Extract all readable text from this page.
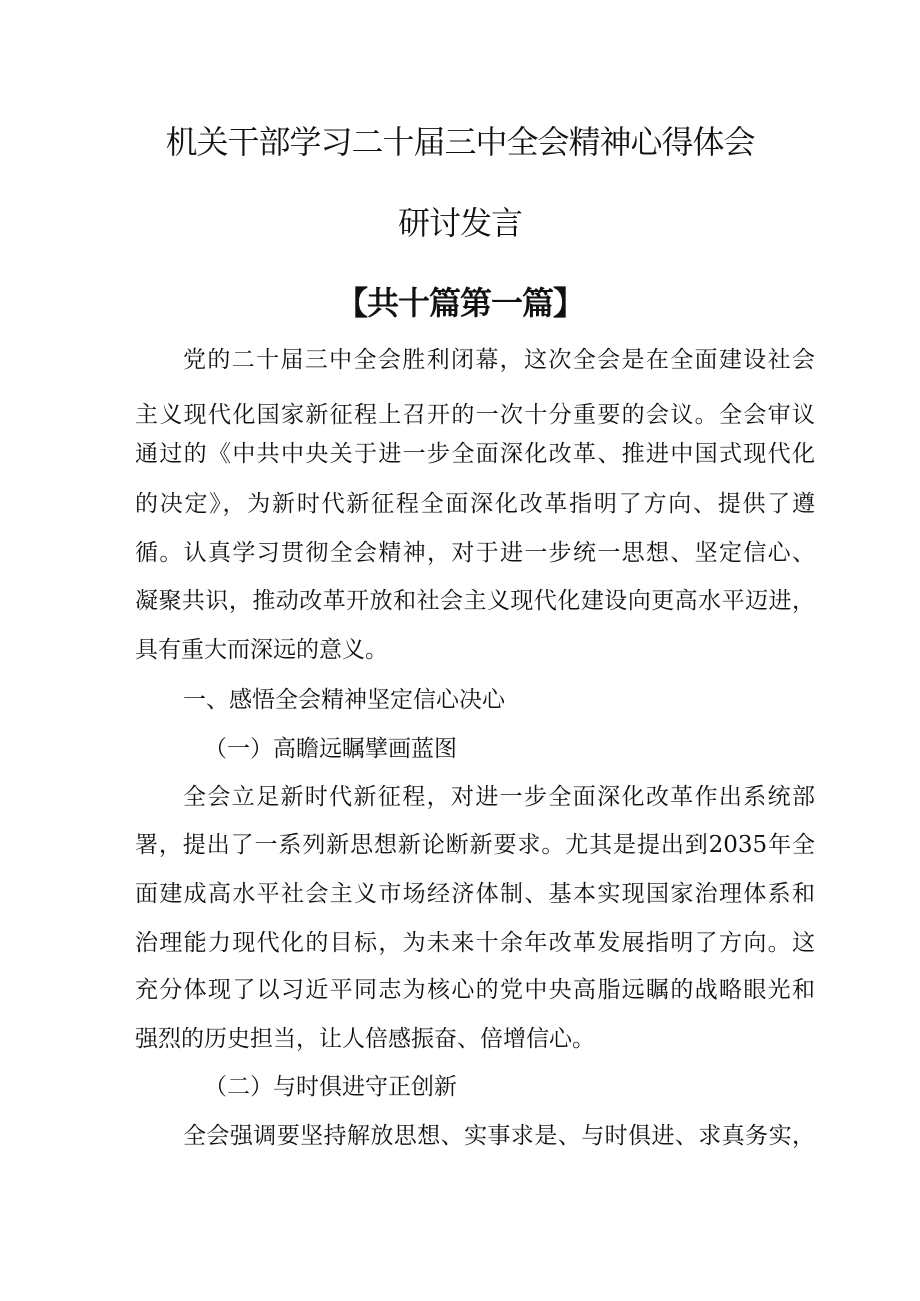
机关干部学习二十届三中全会精神心得体会
研讨发言
【共十篇第一篇】
党的二十届三中全会胜利闭幕，这次全会是在全面建设社会
主义现代化国家新征程上召开的一次十分重要的会议。全会审议
通过的《中共中央关于进一步全面深化改革、推进中国式现代化
的决定》，为新时代新征程全面深化改革指明了方向、提供了遵
循。认真学习贯彻全会精神，对于进一步统一思想、坚定信心、
凝聚共识，推动改革开放和社会主义现代化建设向更高水平迈进，
具有重大而深远的意义。
一、感悟全会精神坚定信心决心
（一）高瞻远瞩擘画蓝图
全会立足新时代新征程，对进一步全面深化改革作出系统部
署，提出了一系列新思想新论断新要求。尤其是提出到2035年全
面建成高水平社会主义市场经济体制、基本实现国家治理体系和
治理能力现代化的目标，为未来十余年改革发展指明了方向。这
充分体现了以习近平同志为核心的党中央高脂远瞩的战略眼光和
强烈的历史担当，让人倍感振奋、倍增信心。
（二）与时俱进守正创新
全会强调要坚持解放思想、实事求是、与时俱进、求真务实，
